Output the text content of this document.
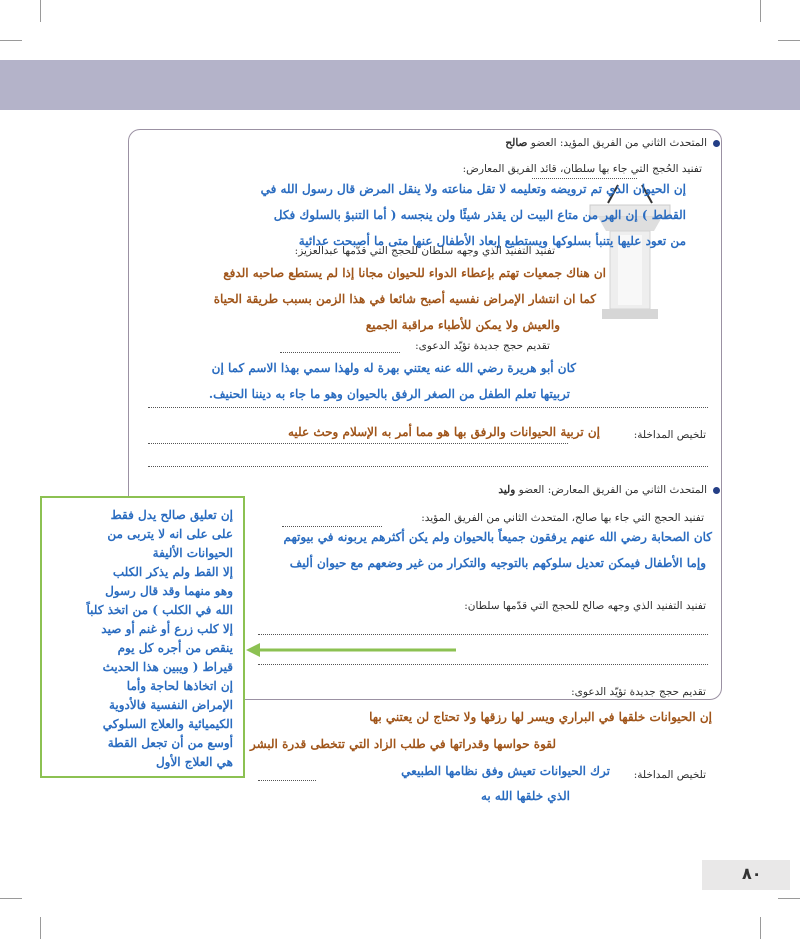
المتحدث الثاني من الفريق المؤيد: العضو صالح
تفنيد الحُجج التي جاء بها سلطان، قائد الفريق المعارض:
إن الحيوان الذي تم ترويضه وتعليمه لا تقل مناعته ولا ينقل المرض قال رسول الله في
القطط ) إن الهر من متاع البيت لن يقذر شيئًا ولن ينجسه ( أما التنبؤ بالسلوك فكل
من تعود عليها يتنبأ بسلوكها ويستطيع إبعاد الأطفال عنها متى ما أصبحت عدائية
تفنيد التفنيد الذي وجهه سلطان للحجج التي قدّمها عبدالعزيز:
ان هناك جمعيات تهتم بإعطاء الدواء للحيوان مجانا إذا لم يستطع صاحبه الدفع
كما ان انتشار الإمراض نفسيه أصبح شائعا في هذا الزمن بسبب طريقة الحياة
والعيش ولا يمكن للأطباء مراقبة الجميع
تقديم حجج جديدة تؤيّد الدعوى:
كان أبو هريرة رضي الله عنه يعتني بهرة له ولهذا سمي بهذا الاسم كما إن
تربيتها تعلم الطفل من الصغر الرفق بالحيوان وهو ما جاء به ديننا الحنيف.
تلخيص المداخلة:
إن تربية الحيوانات والرفق بها هو مما أمر به الإسلام وحث عليه
المتحدث الثاني من الفريق المعارض: العضو وليد
تفنيد الحجج التي جاء بها صالح، المتحدث الثاني من الفريق المؤيد:
كان الصحابة رضي الله عنهم يرفقون جميعاً بالحيوان ولم يكن أكثرهم يربونه في بيوتهم
وإما الأطفال فيمكن تعديل سلوكهم بالتوجيه والتكرار من غير وضعهم مع حيوان أليف
تفنيد التفنيد الذي وجهه صالح للحجج التي قدّمها سلطان:
تقديم حجج جديدة تؤيّد الدعوى:
إن الحيوانات خلقها في البراري ويسر لها رزقها ولا تحتاج لن يعتني بها
لقوة حواسها وقدراتها في طلب الزاد التي تتخطى قدرة البشر
تلخيص المداخلة:
ترك الحيوانات تعيش وفق نظامها الطبيعي
الذي خلقها الله به
إن تعليق صالح يدل فقط
على على انه لا يتربى من
الحيوانات الأليفة
إلا القط ولم يذكر الكلب
وهو منهما وقد قال رسول
الله في الكلب ) من اتخذ كلباً
إلا كلب زرع أو غنم أو صيد
ينقص من أجره كل يوم
قيراط ( ويبين هذا الحديث
إن اتخاذها لحاجة وأما
الإمراض النفسية فالأدوية
الكيميائية والعلاج السلوكي
أوسع من أن تجعل القطة
هي العلاج الأول
٨٠
